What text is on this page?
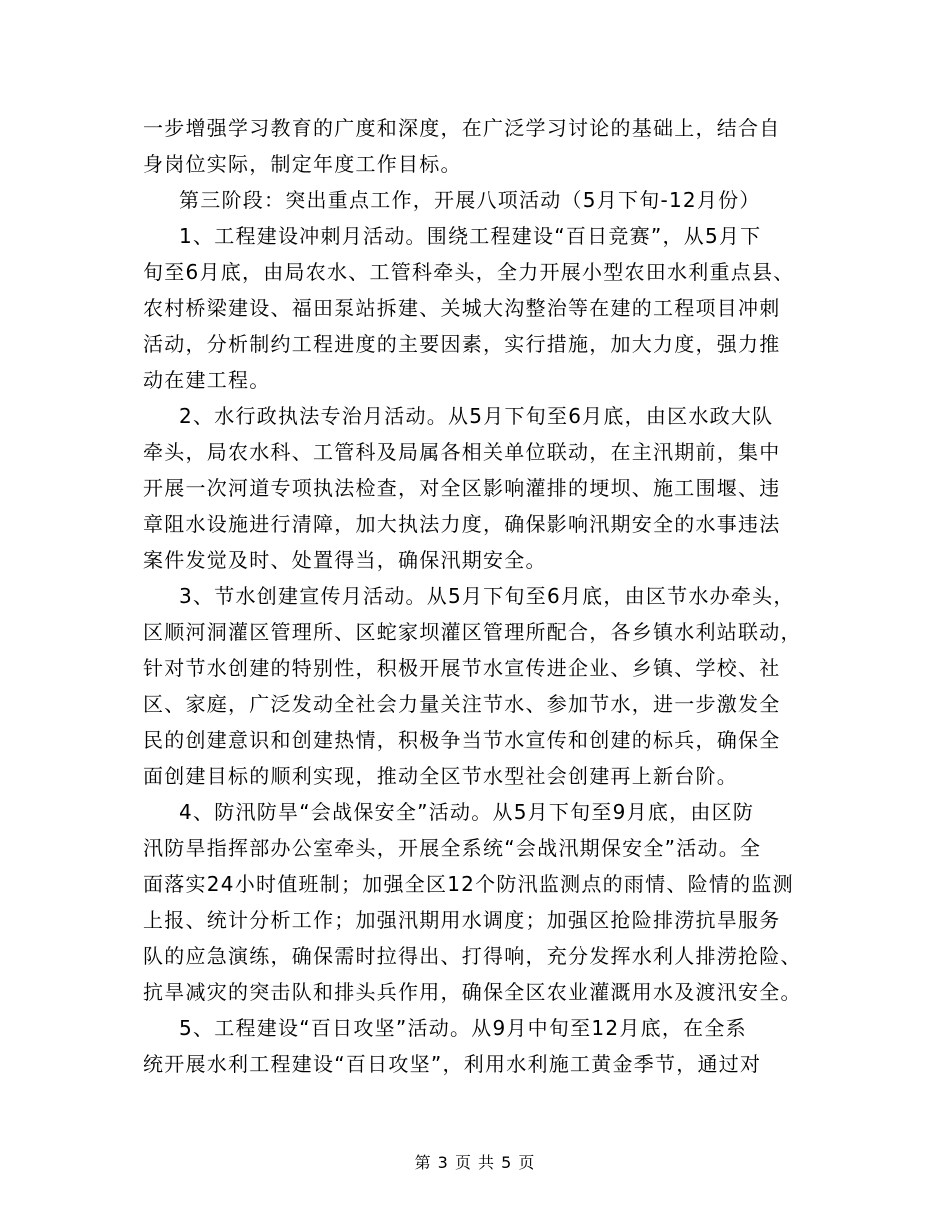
一步增强学习教育的广度和深度，在广泛学习讨论的基础上，结合自
身岗位实际，制定年度工作目标。
第三阶段：突出重点工作，开展八项活动（5月下旬-12月份）
1、工程建设冲刺月活动。围绕工程建设“百日竞赛”，从5月下
旬至6月底，由局农水、工管科牵头，全力开展小型农田水利重点县、
农村桥梁建设、福田泵站拆建、关城大沟整治等在建的工程项目冲刺
活动，分析制约工程进度的主要因素，实行措施，加大力度，强力推
动在建工程。
2、水行政执法专治月活动。从5月下旬至6月底，由区水政大队
牵头，局农水科、工管科及局属各相关单位联动，在主汛期前，集中
开展一次河道专项执法检查，对全区影响灌排的埂坝、施工围堰、违
章阻水设施进行清障，加大执法力度，确保影响汛期安全的水事违法
案件发觉及时、处置得当，确保汛期安全。
3、节水创建宣传月活动。从5月下旬至6月底，由区节水办牵头，
区顺河洞灌区管理所、区蛇家坝灌区管理所配合，各乡镇水利站联动，
针对节水创建的特别性，积极开展节水宣传进企业、乡镇、学校、社
区、家庭，广泛发动全社会力量关注节水、参加节水，进一步激发全
民的创建意识和创建热情，积极争当节水宣传和创建的标兵，确保全
面创建目标的顺利实现，推动全区节水型社会创建再上新台阶。
4、防汛防旱“会战保安全”活动。从5月下旬至9月底，由区防
汛防旱指挥部办公室牵头，开展全系统“会战汛期保安全”活动。全
面落实24小时值班制；加强全区12个防汛监测点的雨情、险情的监测
上报、统计分析工作；加强汛期用水调度；加强区抢险排涝抗旱服务
队的应急演练，确保需时拉得出、打得响，充分发挥水利人排涝抢险、
抗旱减灾的突击队和排头兵作用，确保全区农业灌溉用水及渡汛安全。
5、工程建设“百日攻坚”活动。从9月中旬至12月底，在全系
统开展水利工程建设“百日攻坚”，利用水利施工黄金季节，通过对
第 3 页 共 5 页
